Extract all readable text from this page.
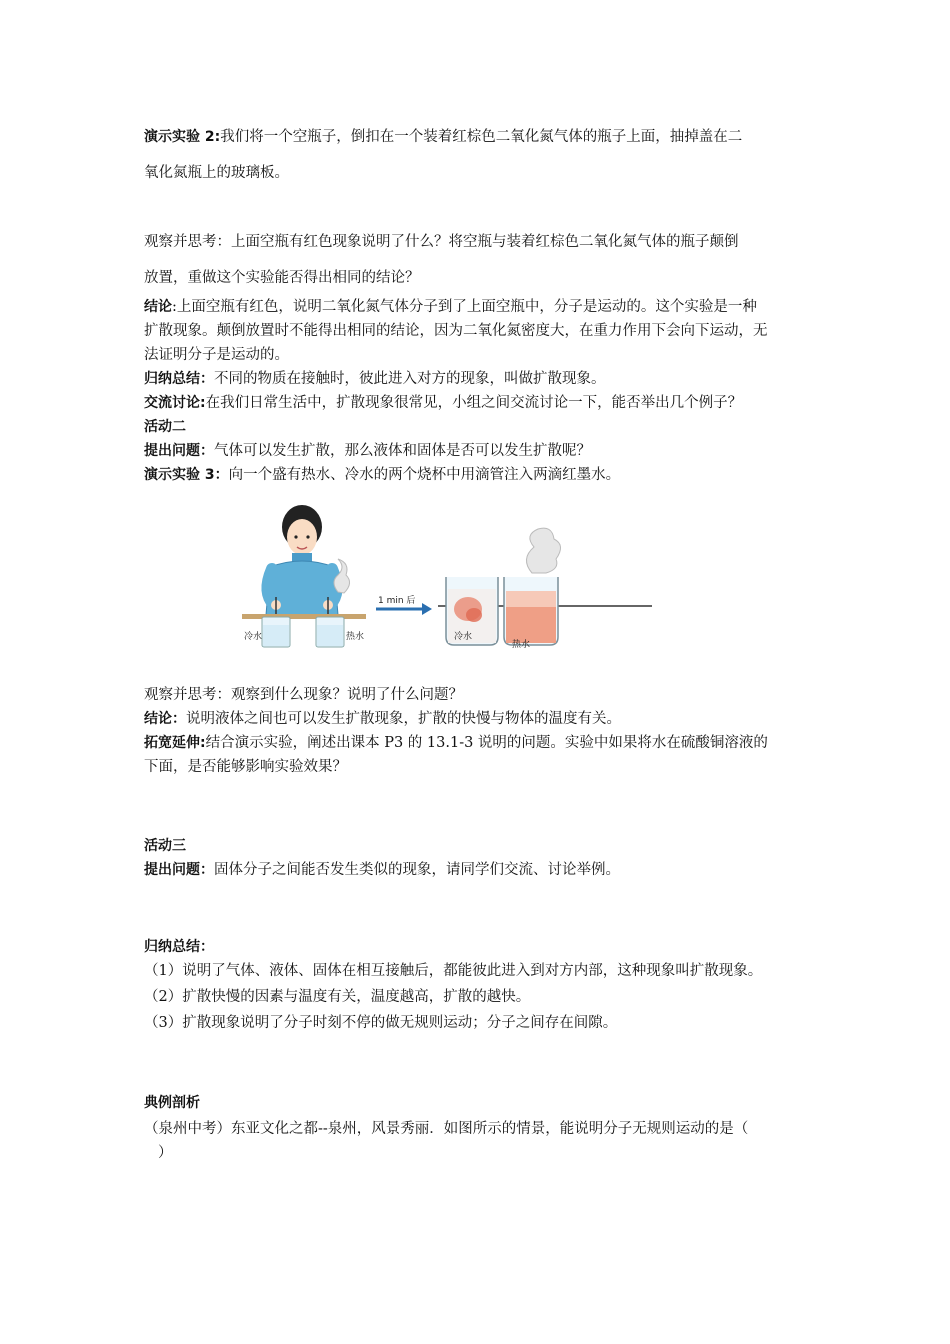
演示实验 2:我们将一个空瓶子，倒扣在一个装着红棕色二氧化氮气体的瓶子上面，抽掉盖在二
氧化氮瓶上的玻璃板。
观察并思考：上面空瓶有红色现象说明了什么？将空瓶与装着红棕色二氧化氮气体的瓶子颠倒
放置，重做这个实验能否得出相同的结论？
结论:上面空瓶有红色，说明二氧化氮气体分子到了上面空瓶中，分子是运动的。这个实验是一种
扩散现象。颠倒放置时不能得出相同的结论，因为二氧化氮密度大，在重力作用下会向下运动，无
法证明分子是运动的。
归纳总结：不同的物质在接触时，彼此进入对方的现象，叫做扩散现象。
交流讨论:在我们日常生活中，扩散现象很常见，小组之间交流讨论一下，能否举出几个例子？
活动二
提出问题：气体可以发生扩散，那么液体和固体是否可以发生扩散呢？
演示实验 3：向一个盛有热水、冷水的两个烧杯中用滴管注入两滴红墨水。
冷水	热水
1 min 后
冷水
热水
观察并思考：观察到什么现象？说明了什么问题？
结论：说明液体之间也可以发生扩散现象，扩散的快慢与物体的温度有关。
拓宽延伸:结合演示实验，阐述出课本 P3 的 13.1-3 说明的问题。实验中如果将水在硫酸铜溶液的
下面，是否能够影响实验效果？
活动三
提出问题：固体分子之间能否发生类似的现象，请同学们交流、讨论举例。
归纳总结：
（1）说明了气体、液体、固体在相互接触后，都能彼此进入到对方内部，这种现象叫扩散现象。
（2）扩散快慢的因素与温度有关，温度越高，扩散的越快。
（3）扩散现象说明了分子时刻不停的做无规则运动；分子之间存在间隙。
典例剖析
（泉州中考）东亚文化之都--泉州，风景秀丽．如图所示的情景，能说明分子无规则运动的是（
）
